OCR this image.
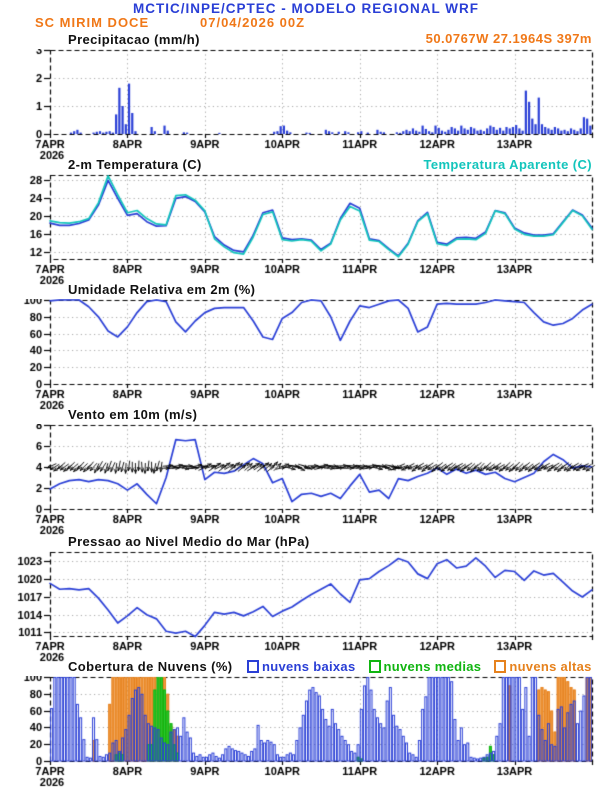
MCTIC/INPE/CPTEC - MODELO REGIONAL WRF
SC MIRIM DOCE	07/04/2026 00Z
50.0767W 27.1964S 397m
Precipitacao (mm/h)
2-m Temperatura (C)	Temperatura Aparente (C)
Umidade Relativa em 2m (%)
Vento em 10m (m/s)
Pressao ao Nivel Medio do Mar (hPa)
Cobertura de Nuvens (%) nuvens baixas nuvens medias nuvens altas
